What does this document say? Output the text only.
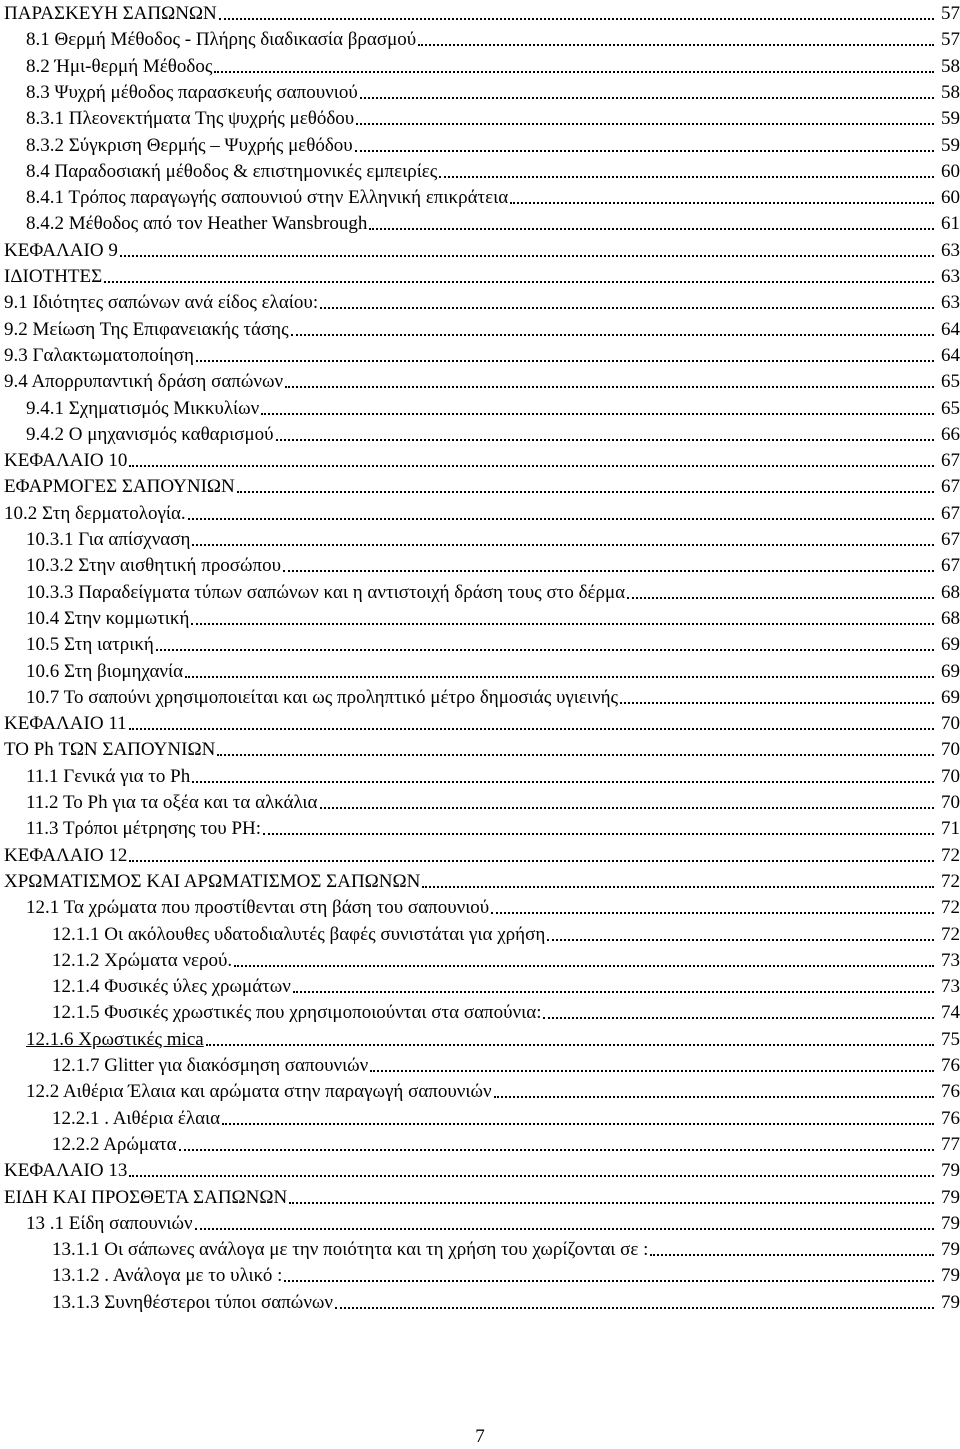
ΠΑΡΑΣΚΕΥΗ ΣΑΠΩΝΩΝ	57
8.1 Θερμή Μέθοδος - Πλήρης διαδικασία βρασμού	57
8.2 Ήμι-θερμή Μέθοδος	58
8.3 Ψυχρή μέθοδος παρασκευής σαπουνιού	58
8.3.1 Πλεονεκτήματα Της ψυχρής μεθόδου	59
8.3.2 Σύγκριση Θερμής – Ψυχρής μεθόδου	59
8.4 Παραδοσιακή μέθοδος & επιστημονικές εμπειρίες	60
8.4.1 Τρόπος παραγωγής σαπουνιού στην Ελληνική επικράτεια	60
8.4.2 Μέθοδος από τον Heather Wansbrough	61
ΚΕΦΑΛΑΙΟ 9	63
ΙΔΙΟΤΗΤΕΣ	63
9.1 Ιδιότητες σαπώνων ανά είδος ελαίου:	63
9.2 Μείωση Της Επιφανειακής τάσης	64
9.3 Γαλακτωματοποίηση	64
9.4 Απορρυπαντική δράση σαπώνων	65
9.4.1 Σχηματισμός Μικκυλίων	65
9.4.2 Ο μηχανισμός καθαρισμού	66
ΚΕΦΑΛΑΙΟ 10	67
ΕΦΑΡΜΟΓΕΣ ΣΑΠΟΥΝΙΩΝ	67
10.2 Στη δερματολογία.	67
10.3.1 Για απίσχναση	67
10.3.2 Στην αισθητική προσώπου	67
10.3.3 Παραδείγματα τύπων σαπώνων και η αντιστοιχή δράση τους στο δέρμα	68
10.4 Στην κομμωτική	68
10.5 Στη ιατρική	69
10.6 Στη βιομηχανία	69
10.7 Το σαπούνι χρησιμοποιείται και ως προληπτικό μέτρο δημοσιάς υγιεινής	69
ΚΕΦΑΛΑΙΟ 11	70
ΤΟ Ph ΤΩΝ ΣΑΠΟΥΝΙΩΝ	70
11.1 Γενικά για το Ph	70
11.2 Το Ph για τα οξέα και τα αλκάλια	70
11.3 Τρόποι μέτρησης του PH:	71
ΚΕΦΑΛΑΙΟ 12	72
ΧΡΩΜΑΤΙΣΜΟΣ ΚΑΙ ΑΡΩΜΑΤΙΣΜΟΣ ΣΑΠΩΝΩΝ	72
12.1 Τα χρώματα που προστίθενται στη βάση του σαπουνιού	72
12.1.1 Οι ακόλουθες υδατοδιαλυτές βαφές συνιστάται για χρήση	72
12.1.2 Χρώματα νερού.	73
12.1.4 Φυσικές ύλες χρωμάτων	73
12.1.5 Φυσικές χρωστικές που χρησιμοποιούνται στα σαπούνια:	74
12.1.6 Χρωστικές mica	75
12.1.7 Glitter για διακόσμηση σαπουνιών	76
12.2 Αιθέρια Έλαια και αρώματα στην παραγωγή σαπουνιών	76
12.2.1 . Αιθέρια έλαια	76
12.2.2 Αρώματα	77
ΚΕΦΑΛΑΙΟ 13	79
ΕΙΔΗ ΚΑΙ ΠΡΟΣΘΕΤΑ ΣΑΠΩΝΩΝ	79
13 .1 Είδη σαπουνιών	79
13.1.1 Οι σάπωνες ανάλογα με την ποιότητα και τη χρήση του χωρίζονται σε :	79
13.1.2 . Ανάλογα με το υλικό :	79
13.1.3 Συνηθέστεροι τύποι σαπώνων	79
7
